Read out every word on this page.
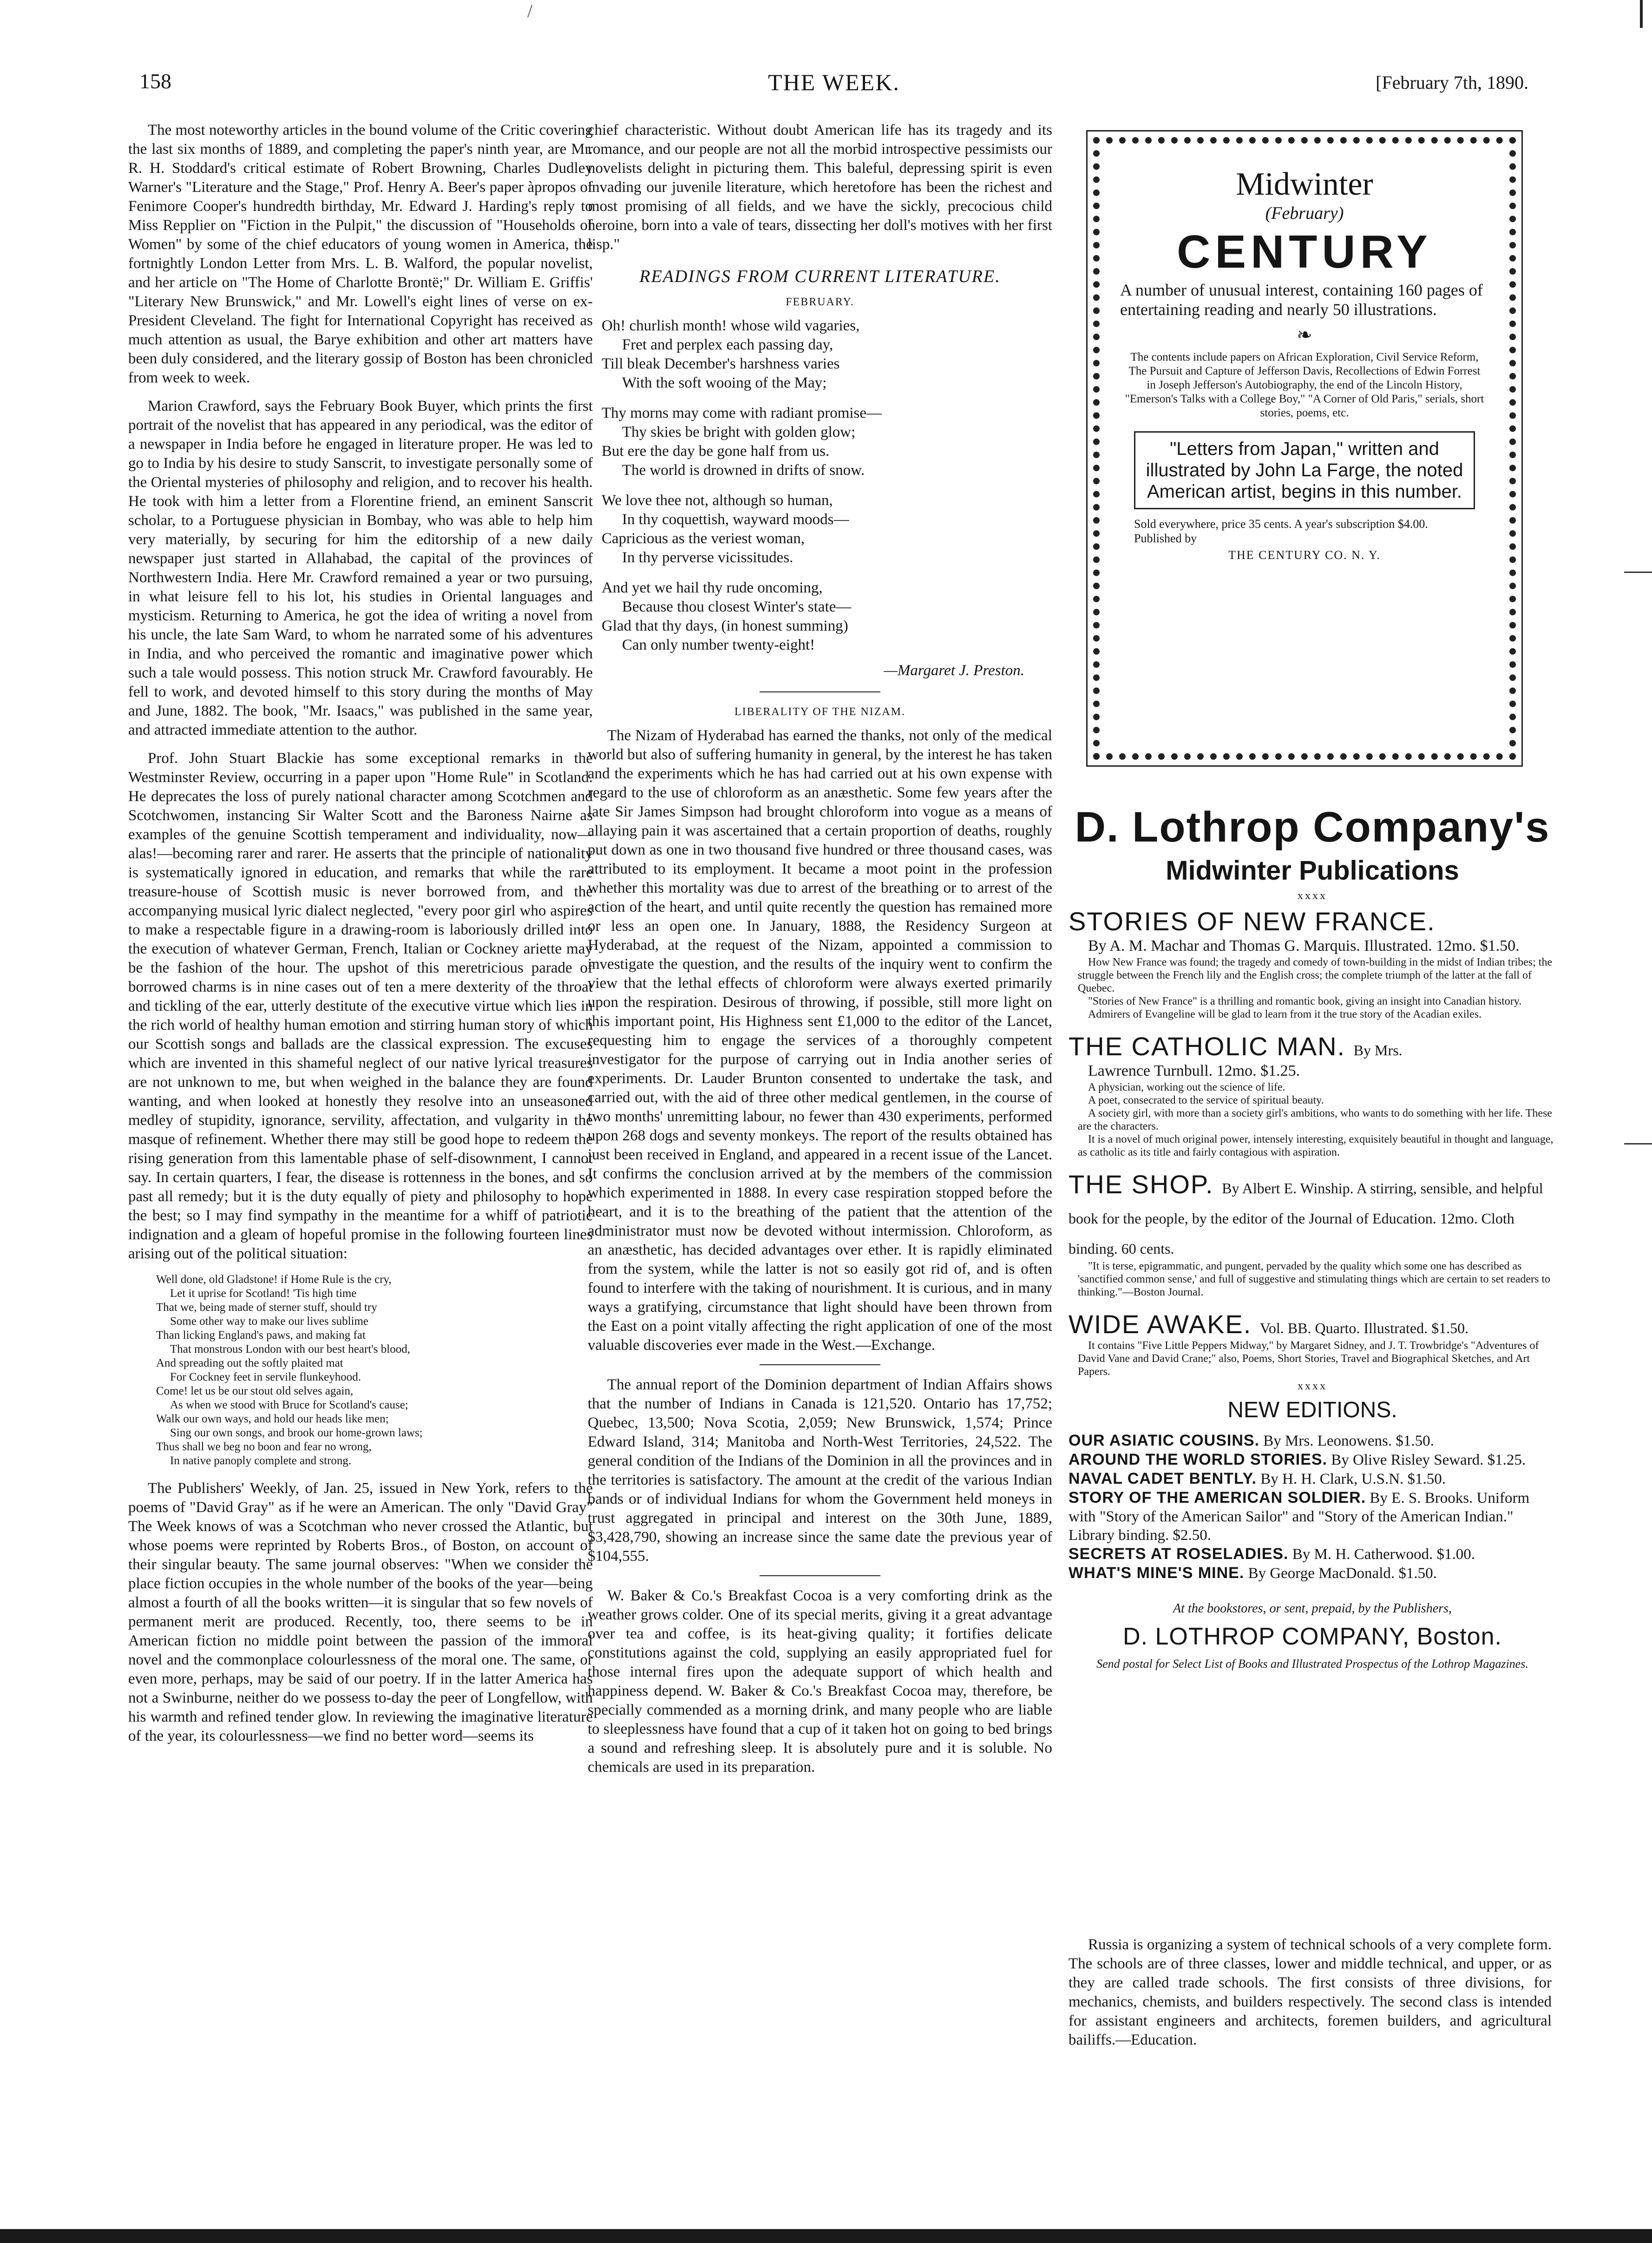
/
158	THE WEEK.	[February 7th, 1890.

The most noteworthy articles in the bound volume of the Critic covering the last six months of 1889, and completing the paper's ninth year, are Mr. R. H. Stoddard's critical estimate of Robert Browning, Charles Dudley Warner's "Literature and the Stage," Prof. Henry A. Beer's paper àpropos of Fenimore Cooper's hundredth birthday, Mr. Edward J. Harding's reply to Miss Repplier on "Fiction in the Pulpit," the discussion of "Households of Women" by some of the chief educators of young women in America, the fortnightly London Letter from Mrs. L. B. Walford, the popular novelist, and her article on "The Home of Charlotte Brontë;" Dr. William E. Griffis' "Literary New Brunswick," and Mr. Lowell's eight lines of verse on ex-President Cleveland. The fight for International Copyright has received as much attention as usual, the Barye exhibition and other art matters have been duly considered, and the literary gossip of Boston has been chronicled from week to week.

Marion Crawford, says the February Book Buyer, which prints the first portrait of the novelist that has appeared in any periodical, was the editor of a newspaper in India before he engaged in literature proper. He was led to go to India by his desire to study Sanscrit, to investigate personally some of the Oriental mysteries of philosophy and religion, and to recover his health. He took with him a letter from a Florentine friend, an eminent Sanscrit scholar, to a Portuguese physician in Bombay, who was able to help him very materially, by securing for him the editorship of a new daily newspaper just started in Allahabad, the capital of the provinces of Northwestern India. Here Mr. Crawford remained a year or two pursuing, in what leisure fell to his lot, his studies in Oriental languages and mysticism. Returning to America, he got the idea of writing a novel from his uncle, the late Sam Ward, to whom he narrated some of his adventures in India, and who perceived the romantic and imaginative power which such a tale would possess. This notion struck Mr. Crawford favourably. He fell to work, and devoted himself to this story during the months of May and June, 1882. The book, "Mr. Isaacs," was published in the same year, and attracted immediate attention to the author.

Prof. John Stuart Blackie has some exceptional remarks in the Westminster Review, occurring in a paper upon "Home Rule" in Scotland. He deprecates the loss of purely national character among Scotchmen and Scotchwomen, instancing Sir Walter Scott and the Baroness Nairne as examples of the genuine Scottish temperament and individuality, now—alas!—becoming rarer and rarer. He asserts that the principle of nationality is systematically ignored in education, and remarks that while the rare treasure-house of Scottish music is never borrowed from, and the accompanying musical lyric dialect neglected, "every poor girl who aspires to make a respectable figure in a drawing-room is laboriously drilled into the execution of whatever German, French, Italian or Cockney ariette may be the fashion of the hour. The upshot of this meretricious parade of borrowed charms is in nine cases out of ten a mere dexterity of the throat and tickling of the ear, utterly destitute of the executive virtue which lies in the rich world of healthy human emotion and stirring human story of which our Scottish songs and ballads are the classical expression. The excuses which are invented in this shameful neglect of our native lyrical treasures are not unknown to me, but when weighed in the balance they are found wanting, and when looked at honestly they resolve into an unseasoned medley of stupidity, ignorance, servility, affectation, and vulgarity in the masque of refinement. Whether there may still be good hope to redeem the rising generation from this lamentable phase of self-disownment, I cannot say. In certain quarters, I fear, the disease is rottenness in the bones, and so past all remedy; but it is the duty equally of piety and philosophy to hope the best; so I may find sympathy in the meantime for a whiff of patriotic indignation and a gleam of hopeful promise in the following fourteen lines arising out of the political situation:

Well done, old Gladstone! if Home Rule is the cry,
Let it uprise for Scotland! 'Tis high time
That we, being made of sterner stuff, should try
Some other way to make our lives sublime
Than licking England's paws, and making fat
That monstrous London with our best heart's blood,
And spreading out the softly plaited mat
For Cockney feet in servile flunkeyhood.
Come! let us be our stout old selves again,
As when we stood with Bruce for Scotland's cause;
Walk our own ways, and hold our heads like men;
Sing our own songs, and brook our home-grown laws;
Thus shall we beg no boon and fear no wrong,
In native panoply complete and strong.

The Publishers' Weekly, of Jan. 25, issued in New York, refers to the poems of "David Gray" as if he were an American. The only "David Gray" The Week knows of was a Scotchman who never crossed the Atlantic, but whose poems were reprinted by Roberts Bros., of Boston, on account of their singular beauty. The same journal observes: "When we consider the place fiction occupies in the whole number of the books of the year—being almost a fourth of all the books written—it is singular that so few novels of permanent merit are produced. Recently, too, there seems to be in American fiction no middle point between the passion of the immoral novel and the commonplace colourlessness of the moral one. The same, or even more, perhaps, may be said of our poetry. If in the latter America has not a Swinburne, neither do we possess to-day the peer of Longfellow, with his warmth and refined tender glow. In reviewing the imaginative literature of the year, its colourlessness—we find no better word—seems its

chief characteristic. Without doubt American life has its tragedy and its romance, and our people are not all the morbid introspective pessimists our novelists delight in picturing them. This baleful, depressing spirit is even invading our juvenile literature, which heretofore has been the richest and most promising of all fields, and we have the sickly, precocious child heroine, born into a vale of tears, dissecting her doll's motives with her first lisp."

READINGS FROM CURRENT LITERATURE.
FEBRUARY.
Oh! churlish month! whose wild vagaries,
Fret and perplex each passing day,
Till bleak December's harshness varies
With the soft wooing of the May;
Thy morns may come with radiant promise—
Thy skies be bright with golden glow;
But ere the day be gone half from us.
The world is drowned in drifts of snow.
We love thee not, although so human,
In thy coquettish, wayward moods—
Capricious as the veriest woman,
In thy perverse vicissitudes.
And yet we hail thy rude oncoming,
Because thou closest Winter's state—
Glad that thy days, (in honest summing)
Can only number twenty-eight!
—Margaret J. Preston.
LIBERALITY OF THE NIZAM.

The Nizam of Hyderabad has earned the thanks, not only of the medical world but also of suffering humanity in general, by the interest he has taken and the experiments which he has had carried out at his own expense with regard to the use of chloroform as an anæsthetic. Some few years after the late Sir James Simpson had brought chloroform into vogue as a means of allaying pain it was ascertained that a certain proportion of deaths, roughly put down as one in two thousand five hundred or three thousand cases, was attributed to its employment. It became a moot point in the profession whether this mortality was due to arrest of the breathing or to arrest of the action of the heart, and until quite recently the question has remained more or less an open one. In January, 1888, the Residency Surgeon at Hyderabad, at the request of the Nizam, appointed a commission to investigate the question, and the results of the inquiry went to confirm the view that the lethal effects of chloroform were always exerted primarily upon the respiration. Desirous of throwing, if possible, still more light on this important point, His Highness sent £1,000 to the editor of the Lancet, requesting him to engage the services of a thoroughly competent investigator for the purpose of carrying out in India another series of experiments. Dr. Lauder Brunton consented to undertake the task, and carried out, with the aid of three other medical gentlemen, in the course of two months' unremitting labour, no fewer than 430 experiments, performed upon 268 dogs and seventy monkeys. The report of the results obtained has just been received in England, and appeared in a recent issue of the Lancet. It confirms the conclusion arrived at by the members of the commission which experimented in 1888. In every case respiration stopped before the heart, and it is to the breathing of the patient that the attention of the administrator must now be devoted without intermission. Chloroform, as an anæsthetic, has decided advantages over ether. It is rapidly eliminated from the system, while the latter is not so easily got rid of, and is often found to interfere with the taking of nourishment. It is curious, and in many ways a gratifying, circumstance that light should have been thrown from the East on a point vitally affecting the right application of one of the most valuable discoveries ever made in the West.—Exchange.

The annual report of the Dominion department of Indian Affairs shows that the number of Indians in Canada is 121,520. Ontario has 17,752; Quebec, 13,500; Nova Scotia, 2,059; New Brunswick, 1,574; Prince Edward Island, 314; Manitoba and North-West Territories, 24,522. The general condition of the Indians of the Dominion in all the provinces and in the territories is satisfactory. The amount at the credit of the various Indian bands or of individual Indians for whom the Government held moneys in trust aggregated in principal and interest on the 30th June, 1889, $3,428,790, showing an increase since the same date the previous year of $104,555.

W. Baker & Co.'s Breakfast Cocoa is a very comforting drink as the weather grows colder. One of its special merits, giving it a great advantage over tea and coffee, is its heat-giving quality; it fortifies delicate constitutions against the cold, supplying an easily appropriated fuel for those internal fires upon the adequate support of which health and happiness depend. W. Baker & Co.'s Breakfast Cocoa may, therefore, be specially commended as a morning drink, and many people who are liable to sleeplessness have found that a cup of it taken hot on going to bed brings a sound and refreshing sleep. It is absolutely pure and it is soluble. No chemicals are used in its preparation.

Midwinter
(February)
CENTURY
A number of unusual interest, containing 160 pages of entertaining reading and nearly 50 illustrations.
❧
The contents include papers on African Exploration, Civil Service Reform, The Pursuit and Capture of Jefferson Davis, Recollections of Edwin Forrest in Joseph Jefferson's Autobiography, the end of the Lincoln History, "Emerson's Talks with a College Boy," "A Corner of Old Paris," serials, short stories, poems, etc.
"Letters from Japan," written and illustrated by John La Farge, the noted American artist, begins in this number.
Sold everywhere, price 35 cents. A year's subscription $4.00. Published by
THE CENTURY CO. N. Y.
D. Lothrop Company's
Midwinter Publications
xxxx
STORIES OF NEW FRANCE.
By A. M. Machar and Thomas G. Marquis. Illustrated. 12mo. $1.50.
How New France was found; the tragedy and comedy of town-building in the midst of Indian tribes; the struggle between the French lily and the English cross; the complete triumph of the latter at the fall of Quebec.
"Stories of New France" is a thrilling and romantic book, giving an insight into Canadian history.
Admirers of Evangeline will be glad to learn from it the true story of the Acadian exiles.
THE CATHOLIC MAN. By Mrs.
Lawrence Turnbull. 12mo. $1.25.
A physician, working out the science of life.
A poet, consecrated to the service of spiritual beauty.
A society girl, with more than a society girl's ambitions, who wants to do something with her life. These are the characters.
It is a novel of much original power, intensely interesting, exquisitely beautiful in thought and language, as catholic as its title and fairly contagious with aspiration.
THE SHOP. By Albert E. Winship. A stirring, sensible, and helpful book for the people, by the editor of the Journal of Education. 12mo. Cloth binding. 60 cents.
"It is terse, epigrammatic, and pungent, pervaded by the quality which some one has described as 'sanctified common sense,' and full of suggestive and stimulating things which are certain to set readers to thinking."—Boston Journal.
WIDE AWAKE. Vol. BB. Quarto. Illustrated. $1.50.
It contains "Five Little Peppers Midway," by Margaret Sidney, and J. T. Trowbridge's "Adventures of David Vane and David Crane;" also, Poems, Short Stories, Travel and Biographical Sketches, and Art Papers.
xxxx
NEW EDITIONS.
OUR ASIATIC COUSINS. By Mrs. Leonowens. $1.50.
AROUND THE WORLD STORIES. By Olive Risley Seward. $1.25.
NAVAL CADET BENTLY. By H. H. Clark, U.S.N. $1.50.
STORY OF THE AMERICAN SOLDIER. By E. S. Brooks. Uniform with "Story of the American Sailor" and "Story of the American Indian." Library binding. $2.50.
SECRETS AT ROSELADIES. By M. H. Catherwood. $1.00.
WHAT'S MINE'S MINE. By George MacDonald. $1.50.
At the bookstores, or sent, prepaid, by the Publishers,
D. LOTHROP COMPANY, Boston.
Send postal for Select List of Books and Illustrated Prospectus of the Lothrop Magazines.
Russia is organizing a system of technical schools of a very complete form. The schools are of three classes, lower and middle technical, and upper, or as they are called trade schools. The first consists of three divisions, for mechanics, chemists, and builders respectively. The second class is intended for assistant engineers and architects, foremen builders, and agricultural bailiffs.—Education.
